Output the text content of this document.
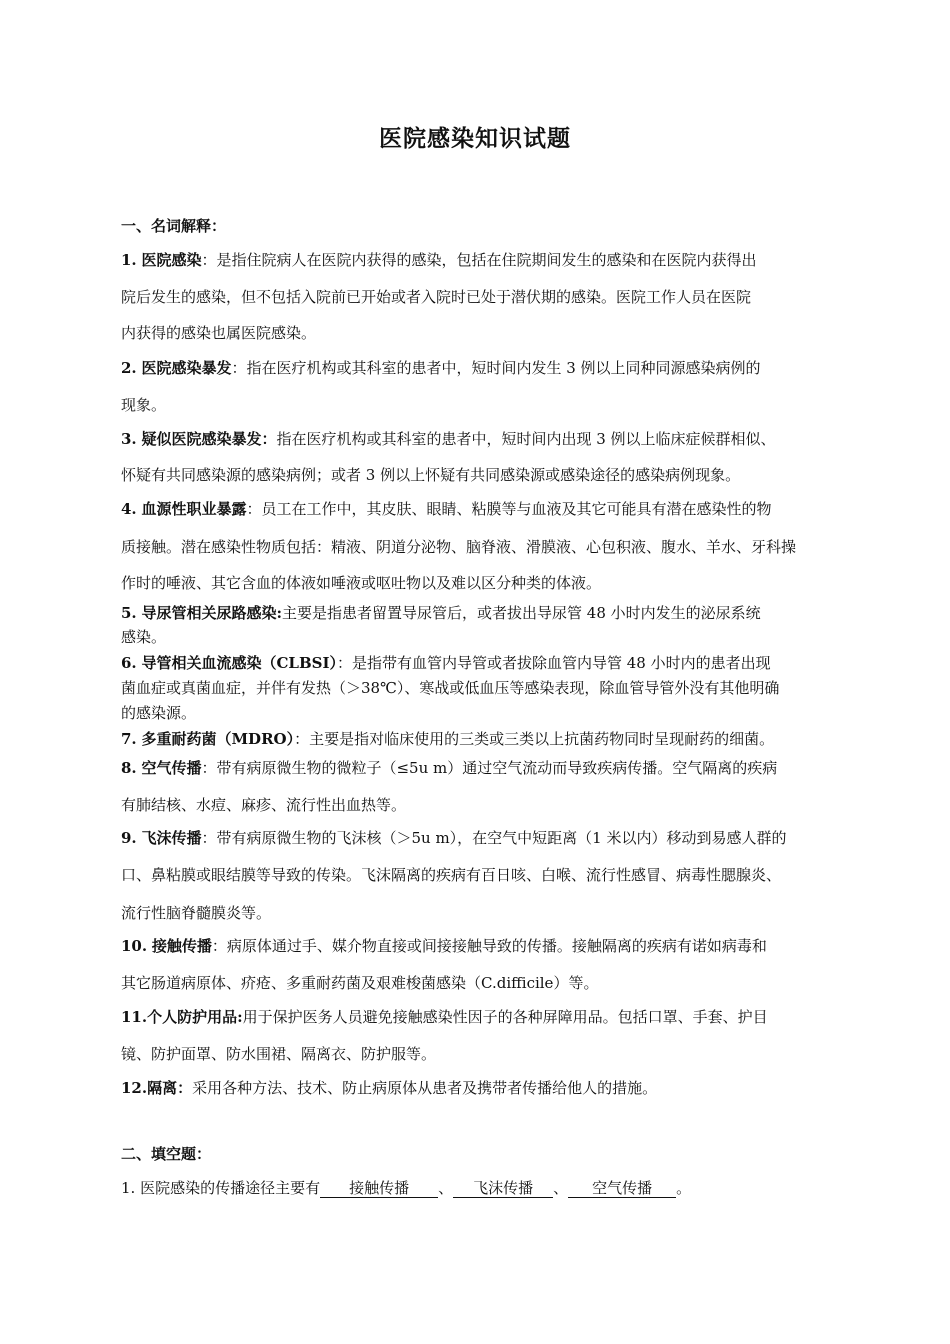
医院感染知识试题
一、名词解释：
1. 医院感染：是指住院病人在医院内获得的感染，包括在住院期间发生的感染和在医院内获得出
院后发生的感染，但不包括入院前已开始或者入院时已处于潜伏期的感染。医院工作人员在医院
内获得的感染也属医院感染。
2. 医院感染暴发：指在医疗机构或其科室的患者中，短时间内发生 3 例以上同种同源感染病例的
现象。
3. 疑似医院感染暴发：指在医疗机构或其科室的患者中，短时间内出现 3 例以上临床症候群相似、
怀疑有共同感染源的感染病例；或者 3 例以上怀疑有共同感染源或感染途径的感染病例现象。
4. 血源性职业暴露：员工在工作中，其皮肤、眼睛、粘膜等与血液及其它可能具有潜在感染性的物
质接触。潜在感染性物质包括：精液、阴道分泌物、脑脊液、滑膜液、心包积液、腹水、羊水、牙科操
作时的唾液、其它含血的体液如唾液或呕吐物以及难以区分种类的体液。
5. 导尿管相关尿路感染:主要是指患者留置导尿管后，或者拔出导尿管 48 小时内发生的泌尿系统
感染。
6. 导管相关血流感染（CLBSI）：是指带有血管内导管或者拔除血管内导管 48 小时内的患者出现
菌血症或真菌血症，并伴有发热（＞38℃）、寒战或低血压等感染表现，除血管导管外没有其他明确
的感染源。
7. 多重耐药菌（MDRO）：主要是指对临床使用的三类或三类以上抗菌药物同时呈现耐药的细菌。
8. 空气传播：带有病原微生物的微粒子（≤5u m）通过空气流动而导致疾病传播。空气隔离的疾病
有肺结核、水痘、麻疹、流行性出血热等。
9. 飞沫传播：带有病原微生物的飞沫核（＞5u m），在空气中短距离（1 米以内）移动到易感人群的
口、鼻粘膜或眼结膜等导致的传染。飞沫隔离的疾病有百日咳、白喉、流行性感冒、病毒性腮腺炎、
流行性脑脊髓膜炎等。
10. 接触传播：病原体通过手、媒介物直接或间接接触导致的传播。接触隔离的疾病有诺如病毒和
其它肠道病原体、疥疮、多重耐药菌及艰难梭菌感染（C.difficile）等。
11.个人防护用品:用于保护医务人员避免接触感染性因子的各种屏障用品。包括口罩、手套、护目
镜、防护面罩、防水围裙、隔离衣、防护服等。
12.隔离：采用各种方法、技术、防止病原体从患者及携带者传播给他人的措施。
二、填空题：
1. 医院感染的传播途径主要有 接触传播 、 飞沫传播 、 空气传播 。
